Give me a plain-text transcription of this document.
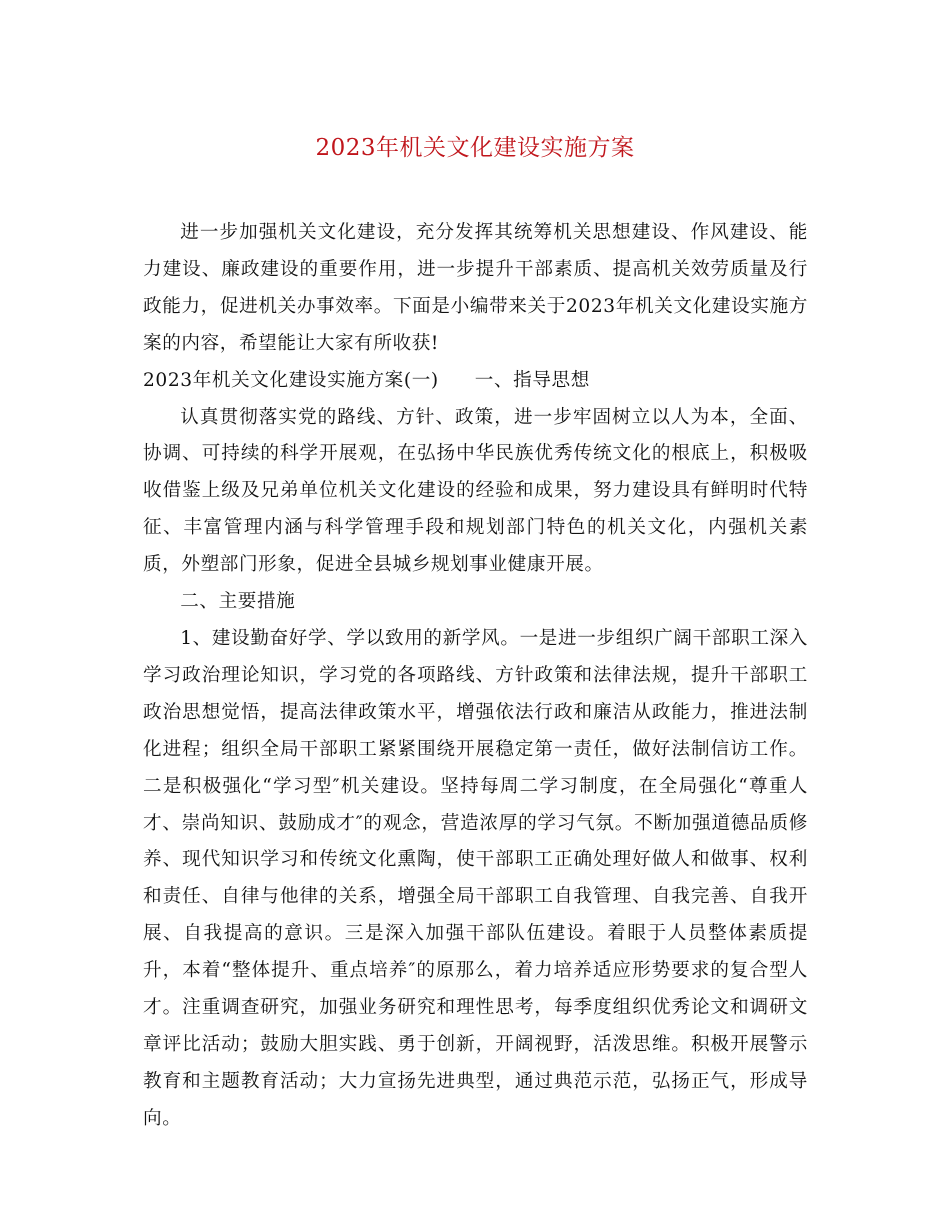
2023年机关文化建设实施方案

进一步加强机关文化建设，充分发挥其统筹机关思想建设、作风建设、能力建设、廉政建设的重要作用，进一步提升干部素质、提高机关效劳质量及行政能力，促进机关办事效率。下面是小编带来关于2023年机关文化建设实施方案的内容，希望能让大家有所收获!

2023年机关文化建设实施方案(一) 一、指导思想

认真贯彻落实党的路线、方针、政策，进一步牢固树立以人为本，全面、协调、可持续的科学开展观，在弘扬中华民族优秀传统文化的根底上，积极吸收借鉴上级及兄弟单位机关文化建设的经验和成果，努力建设具有鲜明时代特征、丰富管理内涵与科学管理手段和规划部门特色的机关文化，内强机关素质，外塑部门形象，促进全县城乡规划事业健康开展。

二、主要措施

1、建设勤奋好学、学以致用的新学风。一是进一步组织广阔干部职工深入学习政治理论知识，学习党的各项路线、方针政策和法律法规，提升干部职工政治思想觉悟，提高法律政策水平，增强依法行政和廉洁从政能力，推进法制化进程；组织全局干部职工紧紧围绕开展稳定第一责任，做好法制信访工作。二是积极强化“学习型″机关建设。坚持每周二学习制度，在全局强化“尊重人才、崇尚知识、鼓励成才″的观念，营造浓厚的学习气氛。不断加强道德品质修养、现代知识学习和传统文化熏陶，使干部职工正确处理好做人和做事、权利和责任、自律与他律的关系，增强全局干部职工自我管理、自我完善、自我开展、自我提高的意识。三是深入加强干部队伍建设。着眼于人员整体素质提升，本着“整体提升、重点培养″的原那么，着力培养适应形势要求的复合型人才。注重调查研究，加强业务研究和理性思考，每季度组织优秀论文和调研文章评比活动；鼓励大胆实践、勇于创新，开阔视野，活泼思维。积极开展警示教育和主题教育活动；大力宣扬先进典型，通过典范示范，弘扬正气，形成导向。
